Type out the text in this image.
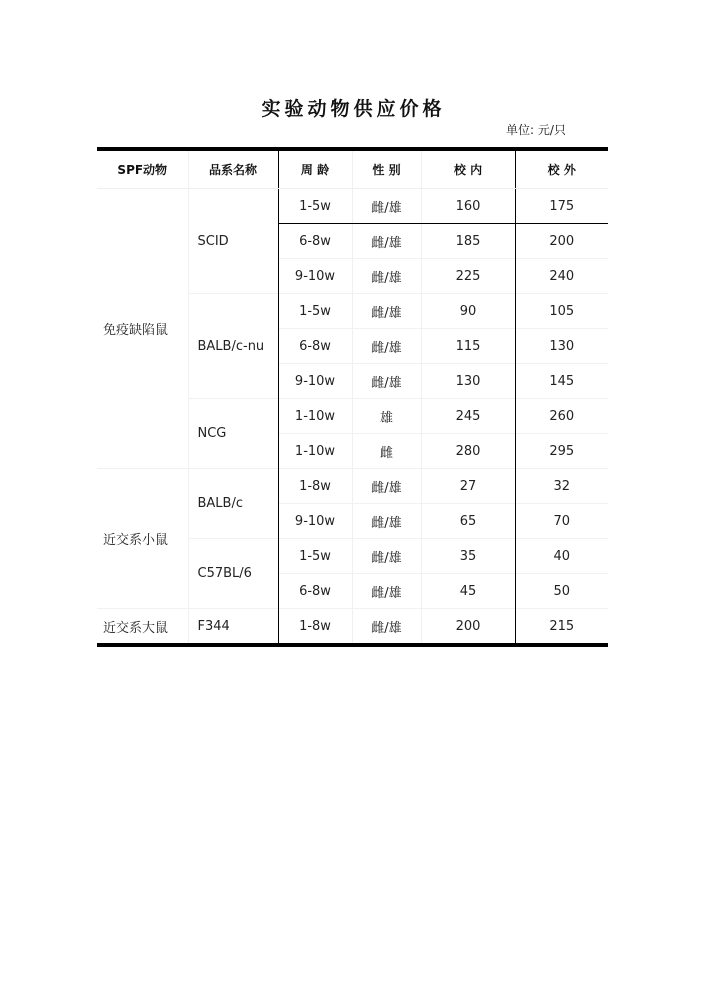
实验动物供应价格
单位: 元/只
SPF动物	品系名称	周 龄	性 别	校 内	校 外
免疫缺陷鼠	SCID	1-5w	雌/雄	160	175
		6-8w	雌/雄	185	200
		9-10w	雌/雄	225	240
	BALB/c-nu	1-5w	雌/雄	90	105
		6-8w	雌/雄	115	130
		9-10w	雌/雄	130	145
	NCG	1-10w	雄	245	260
		1-10w	雌	280	295
近交系小鼠	BALB/c	1-8w	雌/雄	27	32
		9-10w	雌/雄	65	70
	C57BL/6	1-5w	雌/雄	35	40
		6-8w	雌/雄	45	50
近交系大鼠	F344	1-8w	雌/雄	200	215
